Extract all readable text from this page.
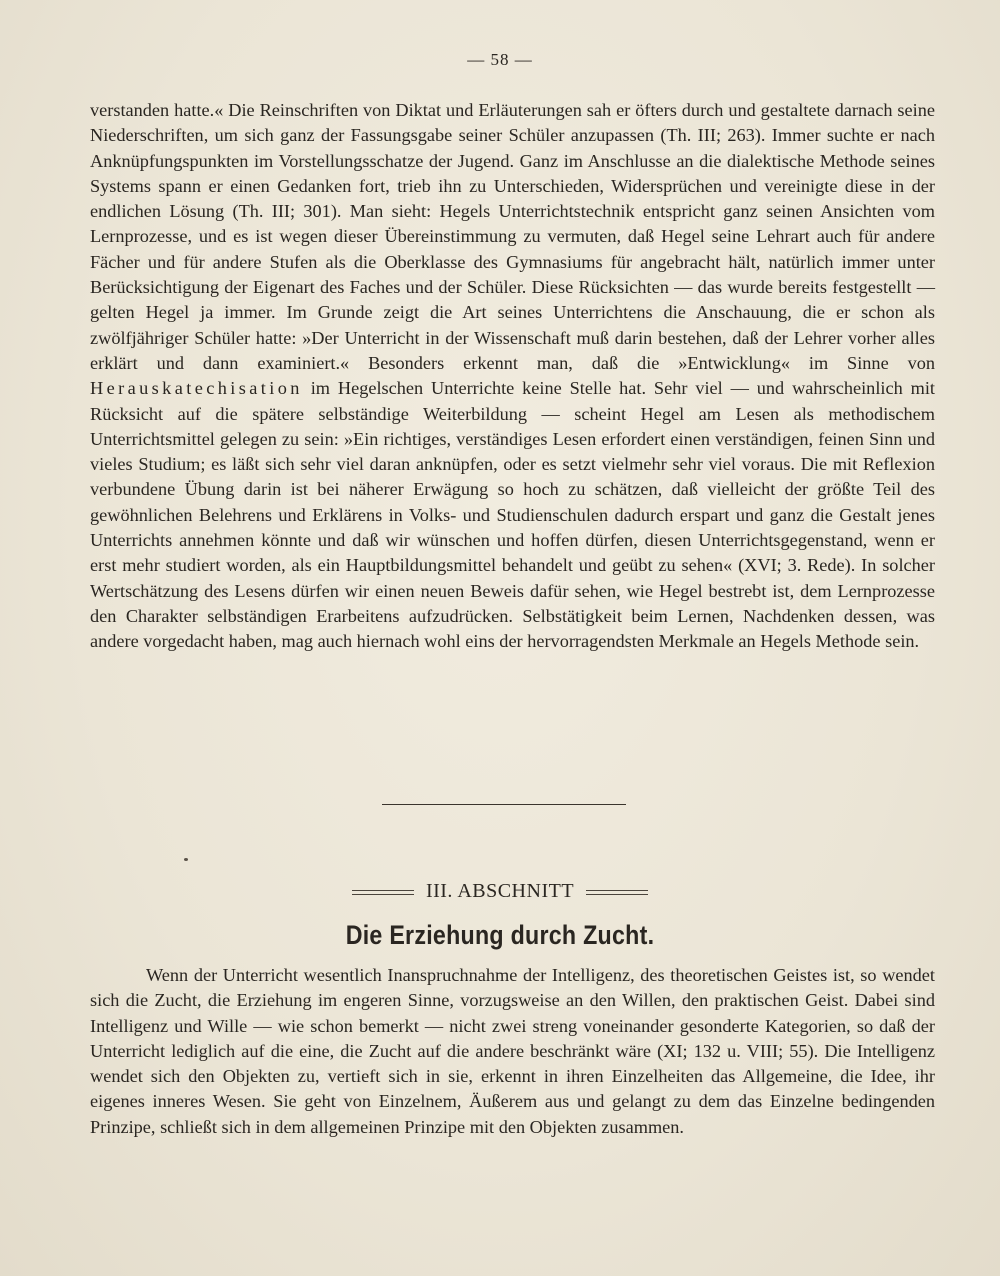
— 58 —

verstanden hatte.« Die Reinschriften von Diktat und Erläuterungen sah er öfters durch und gestaltete darnach seine Niederschriften, um sich ganz der Fassungsgabe seiner Schüler anzupassen (Th. III; 263). Immer suchte er nach Anknüpfungspunkten im Vorstellungsschatze der Jugend. Ganz im Anschlusse an die dialektische Methode seines Systems spann er einen Gedanken fort, trieb ihn zu Unterschieden, Widersprüchen und vereinigte diese in der endlichen Lösung (Th. III; 301). Man sieht: Hegels Unterrichtstechnik entspricht ganz seinen Ansichten vom Lernprozesse, und es ist wegen dieser Übereinstimmung zu vermuten, daß Hegel seine Lehrart auch für andere Fächer und für andere Stufen als die Oberklasse des Gymnasiums für angebracht hält, natürlich immer unter Berücksichtigung der Eigenart des Faches und der Schüler. Diese Rücksichten — das wurde bereits festgestellt — gelten Hegel ja immer. Im Grunde zeigt die Art seines Unterrichtens die Anschauung, die er schon als zwölfjähriger Schüler hatte: »Der Unterricht in der Wissenschaft muß darin bestehen, daß der Lehrer vorher alles erklärt und dann examiniert.« Besonders erkennt man, daß die »Entwicklung« im Sinne von Herauskatechisation im Hegelschen Unterrichte keine Stelle hat. Sehr viel — und wahrscheinlich mit Rücksicht auf die spätere selbständige Weiterbildung — scheint Hegel am Lesen als methodischem Unterrichtsmittel gelegen zu sein: »Ein richtiges, verständiges Lesen erfordert einen verständigen, feinen Sinn und vieles Studium; es läßt sich sehr viel daran anknüpfen, oder es setzt vielmehr sehr viel voraus. Die mit Reflexion verbundene Übung darin ist bei näherer Erwägung so hoch zu schätzen, daß vielleicht der größte Teil des gewöhnlichen Belehrens und Erklärens in Volks- und Studienschulen dadurch erspart und ganz die Gestalt jenes Unterrichts annehmen könnte und daß wir wünschen und hoffen dürfen, diesen Unterrichtsgegenstand, wenn er erst mehr studiert worden, als ein Hauptbildungsmittel behandelt und geübt zu sehen« (XVI; 3. Rede). In solcher Wertschätzung des Lesens dürfen wir einen neuen Beweis dafür sehen, wie Hegel bestrebt ist, dem Lernprozesse den Charakter selbständigen Erarbeitens aufzudrücken. Selbstätigkeit beim Lernen, Nachdenken dessen, was andere vorgedacht haben, mag auch hiernach wohl eins der hervorragendsten Merkmale an Hegels Methode sein.

III. ABSCHNITT
Die Erziehung durch Zucht.

Wenn der Unterricht wesentlich Inanspruchnahme der Intelligenz, des theoretischen Geistes ist, so wendet sich die Zucht, die Erziehung im engeren Sinne, vorzugsweise an den Willen, den praktischen Geist. Dabei sind Intelligenz und Wille — wie schon bemerkt — nicht zwei streng voneinander gesonderte Kategorien, so daß der Unterricht lediglich auf die eine, die Zucht auf die andere beschränkt wäre (XI; 132 u. VIII; 55). Die Intelligenz wendet sich den Objekten zu, vertieft sich in sie, erkennt in ihren Einzelheiten das Allgemeine, die Idee, ihr eigenes inneres Wesen. Sie geht von Einzelnem, Äußerem aus und gelangt zu dem das Einzelne bedingenden Prinzipe, schließt sich in dem allgemeinen Prinzipe mit den Objekten zusammen.
